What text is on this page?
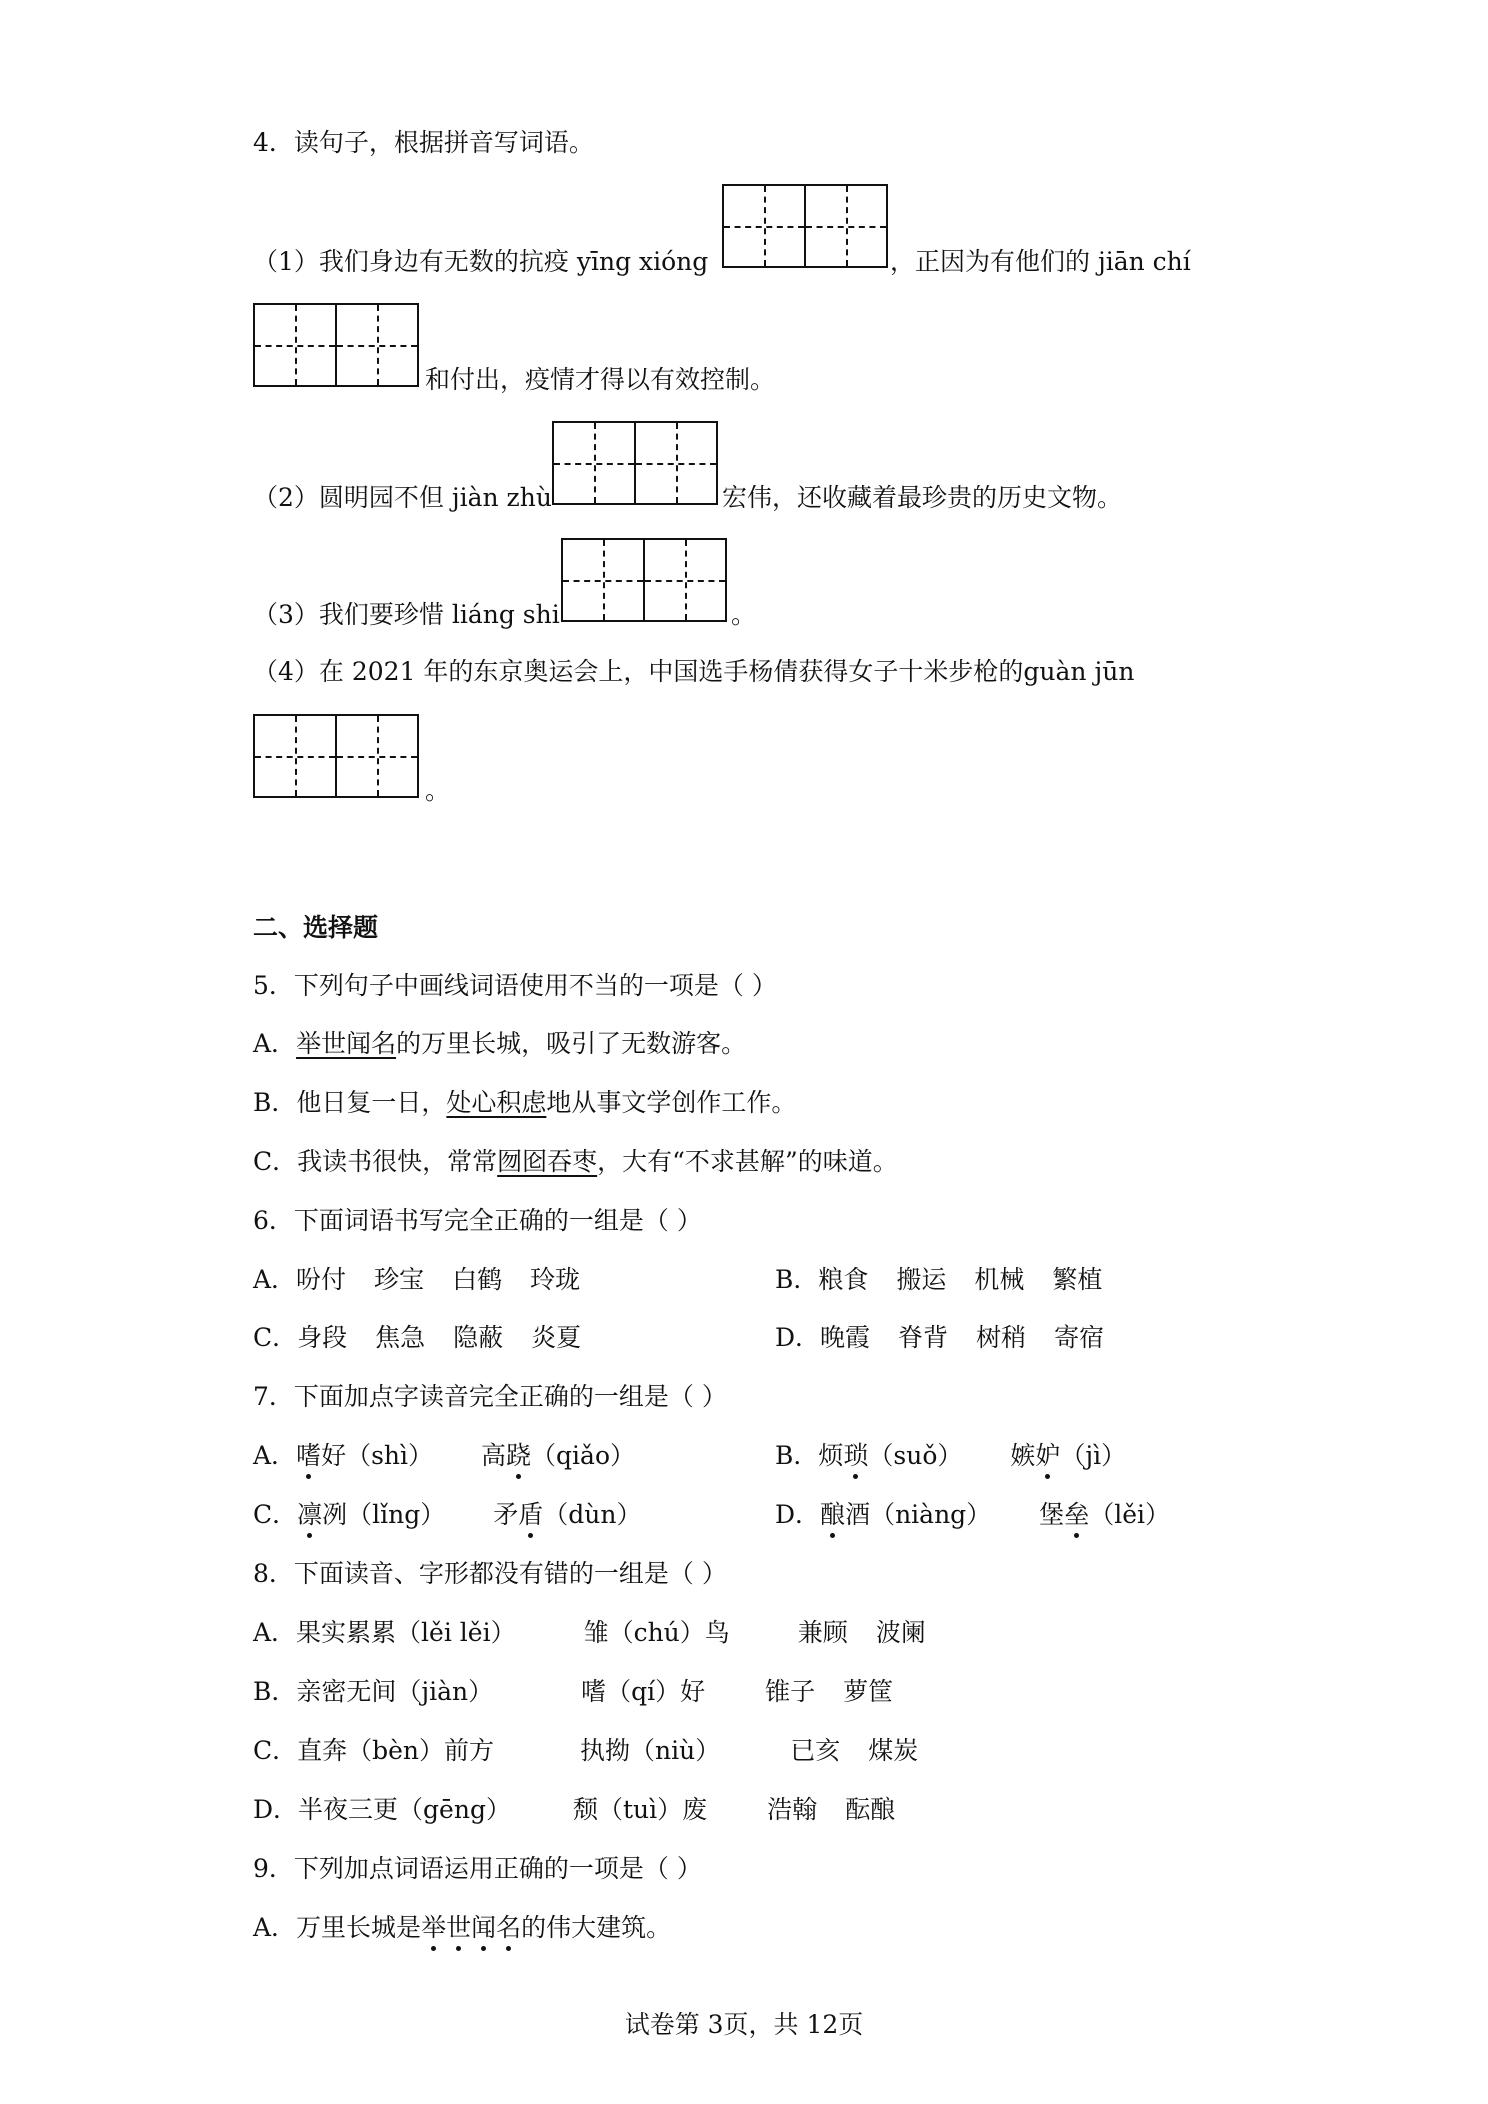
4．读句子，根据拼音写词语。
（1）我们身边有无数的抗疫 yīng xióng	，正因为有他们的 jiān chí
和付出，疫情才得以有效控制。
（2）圆明园不但 jiàn zhù	宏伟，还收藏着最珍贵的历史文物。
（3）我们要珍惜 liáng shi	。
（4）在 2021 年的东京奥运会上，中国选手杨倩获得女子十米步枪的guàn jūn
。
二、选择题
5．下列句子中画线词语使用不当的一项是（ ）
A．举世闻名的万里长城，吸引了无数游客。
B．他日复一日，处心积虑地从事文学创作工作。
C．我读书很快，常常囫囵吞枣，大有“不求甚解”的味道。
6．下面词语书写完全正确的一组是（ ）
A．吩付 珍宝 白鹤 玲珑	B．粮食 搬运 机械 繁植
C．身段 焦急 隐蔽 炎夏	D．晚霞 脊背 树稍 寄宿
7．下面加点字读音完全正确的一组是（ ）
A．嗜好（shì） 高跷（qiǎo）	B．烦琐（suǒ） 嫉妒（jì）
C．凛冽（lǐng） 矛盾（dùn）	D．酿酒（niàng） 堡垒（lěi）
8．下面读音、字形都没有错的一组是（ ）
A．果实累累（lěi lěi）	雏（chú）鸟	兼顾 波阑
B．亲密无间（jiàn）	嗜（qí）好 锥子 萝筐
C．直奔（bèn）前方	执拗（niù）	已亥 煤炭
D．半夜三更（gēng） 颓（tuì）废 浩翰 酝酿
9．下列加点词语运用正确的一项是（ ）
A．万里长城是举世闻名的伟大建筑。
试卷第 3页，共 12页
